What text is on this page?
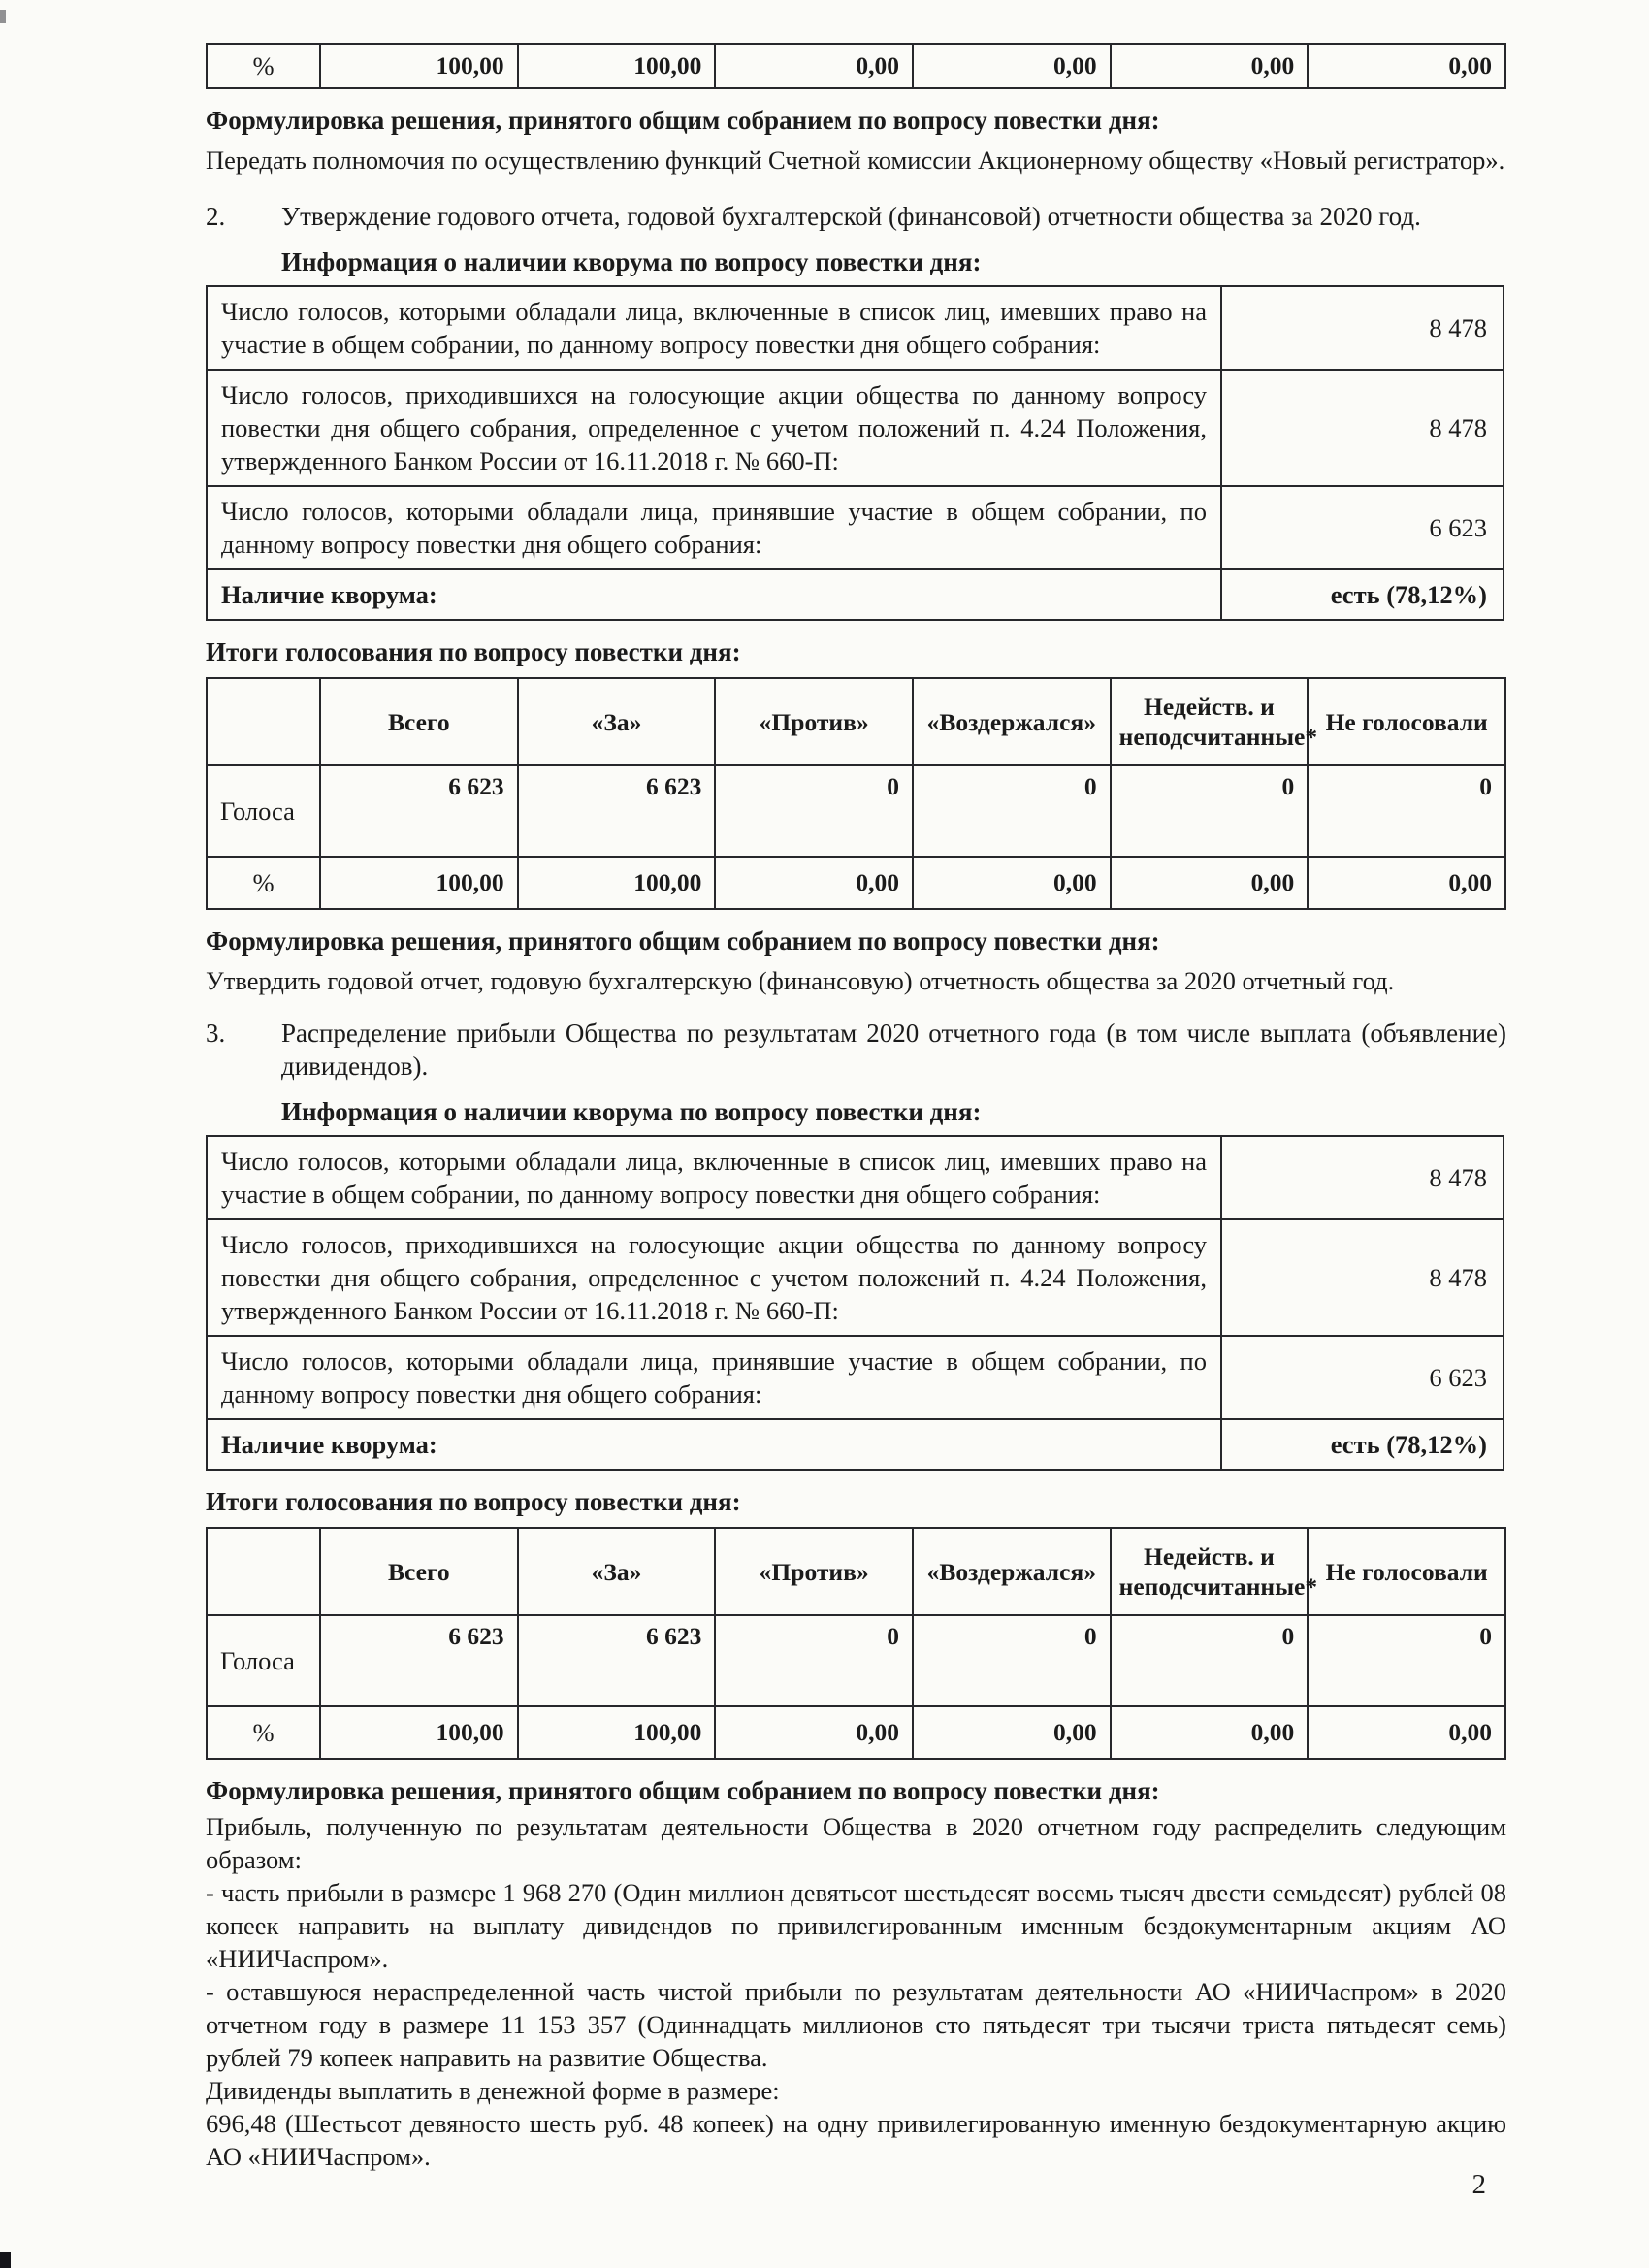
%	100,00	100,00	0,00	0,00	0,00	0,00

Формулировка решения, принятого общим собранием по вопросу повестки дня:

Передать полномочия по осуществлению функций Счетной комиссии Акционерному обществу «Новый регистратор».

2.	Утверждение годового отчета, годовой бухгалтерской (финансовой) отчетности общества за 2020 год.

Информация о наличии кворума по вопросу повестки дня:

Число голосов, которыми обладали лица, включенные в список лиц, имевших право на участие в общем собрании, по данному вопросу повестки дня общего собрания:	8 478
Число голосов, приходившихся на голосующие акции общества по данному вопросу повестки дня общего собрания, определенное с учетом положений п. 4.24 Положения, утвержденного Банком России от 16.11.2018 г. № 660-П:	8 478
Число голосов, которыми обладали лица, принявшие участие в общем собрании, по данному вопросу повестки дня общего собрания:	6 623
Наличие кворума:	есть (78,12%)

Итоги голосования по вопросу повестки дня:

	Всего	«За»	«Против»	«Воздержался»	Недейств. и неподсчитанные*	Не голосовали
Голоса	6 623	6 623	0	0	0	0
%	100,00	100,00	0,00	0,00	0,00	0,00

Формулировка решения, принятого общим собранием по вопросу повестки дня:

Утвердить годовой отчет, годовую бухгалтерскую (финансовую) отчетность общества за 2020 отчетный год.

3.	Распределение прибыли Общества по результатам 2020 отчетного года (в том числе выплата (объявление) дивидендов).

Информация о наличии кворума по вопросу повестки дня:

Число голосов, которыми обладали лица, включенные в список лиц, имевших право на участие в общем собрании, по данному вопросу повестки дня общего собрания:	8 478
Число голосов, приходившихся на голосующие акции общества по данному вопросу повестки дня общего собрания, определенное с учетом положений п. 4.24 Положения, утвержденного Банком России от 16.11.2018 г. № 660-П:	8 478
Число голосов, которыми обладали лица, принявшие участие в общем собрании, по данному вопросу повестки дня общего собрания:	6 623
Наличие кворума:	есть (78,12%)

Итоги голосования по вопросу повестки дня:

	Всего	«За»	«Против»	«Воздержался»	Недейств. и неподсчитанные*	Не голосовали
Голоса	6 623	6 623	0	0	0	0
%	100,00	100,00	0,00	0,00	0,00	0,00

Формулировка решения, принятого общим собранием по вопросу повестки дня:

Прибыль, полученную по результатам деятельности Общества в 2020 отчетном году распределить следующим образом:

- часть прибыли в размере 1 968 270 (Один миллион девятьсот шестьдесят восемь тысяч двести семьдесят) рублей 08 копеек направить на выплату дивидендов по привилегированным именным бездокументарным акциям АО «НИИЧаспром».

- оставшуюся нераспределенной часть чистой прибыли по результатам деятельности АО «НИИЧаспром» в 2020 отчетном году в размере 11 153 357 (Одиннадцать миллионов сто пятьдесят три тысячи триста пятьдесят семь) рублей 79 копеек направить на развитие Общества.

Дивиденды выплатить в денежной форме в размере:

696,48 (Шестьсот девяносто шесть руб. 48 копеек) на одну привилегированную именную бездокументарную акцию АО «НИИЧаспром».

2
